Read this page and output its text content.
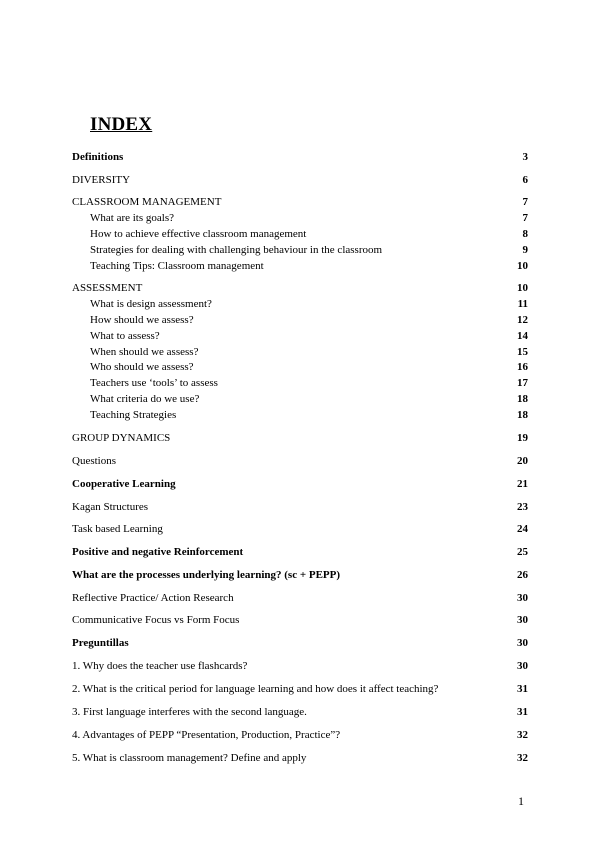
INDEX
Definitions	3
DIVERSITY	6
CLASSROOM MANAGEMENT	7
What are its goals?	7
How to achieve effective classroom management	8
Strategies for dealing with challenging behaviour in the classroom	9
Teaching Tips: Classroom management	10
ASSESSMENT	10
What is design assessment?	11
How should we assess?	12
What to assess?	14
When should we assess?	15
Who should we assess?	16
Teachers use ‘tools’ to assess	17
What criteria do we use?	18
Teaching Strategies	18
GROUP DYNAMICS	19
Questions	20
Cooperative Learning	21
Kagan Structures	23
Task based Learning	24
Positive and negative Reinforcement	25
What are the processes underlying learning? (sc + PEPP)	26
Reflective Practice/ Action Research	30
Communicative Focus vs Form Focus	30
Preguntillas	30
1. Why does the teacher use flashcards?	30
2. What is the critical period for language learning and how does it affect teaching?	31
3. First language interferes with the second language.	31
4. Advantages of PEPP “Presentation, Production, Practice”?	32
5. What is classroom management? Define and apply	32
1
